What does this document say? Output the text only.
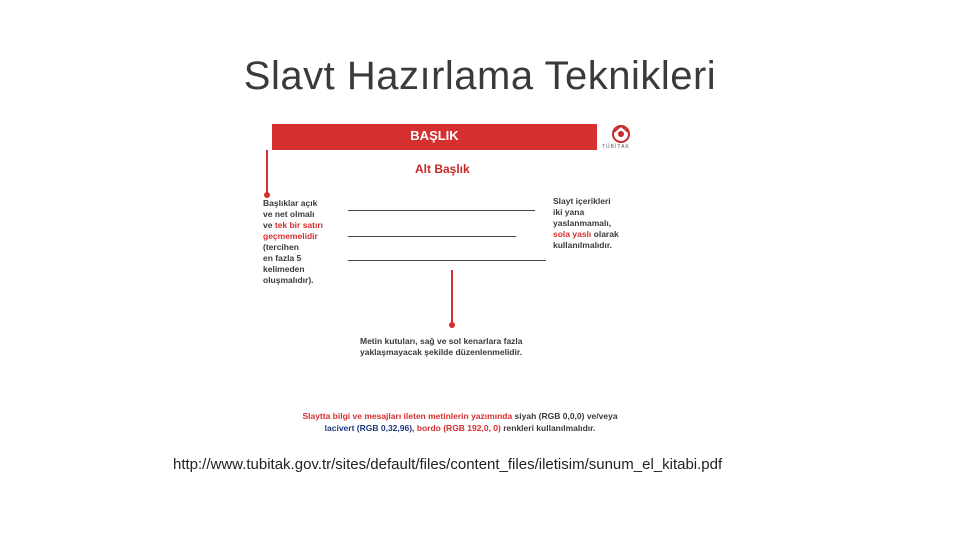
Slavt Hazırlama Teknikleri
BAŞLIK
TÜBİTAK
Alt Başlık
Başlıklar açık
ve net olmalı
ve tek bir satırı
geçmemelidir
(tercihen
en fazla 5
kelimeden
oluşmalıdır).
Slayt içerikleri
iki yana
yaslanmamalı,
sola yaslı olarak
kullanılmalıdır.
Metin kutuları, sağ ve sol kenarlara fazla
yaklaşmayacak şekilde düzenlenmelidir.
Slaytta bilgi ve mesajları ileten metinlerin yazımında siyah (RGB 0,0,0) ve/veya
lacivert (RGB 0,32,96), bordo (RGB 192,0, 0) renkleri kullanılmalıdır.
http://www.tubitak.gov.tr/sites/default/files/content_files/iletisim/sunum_el_kitabi.pdf
